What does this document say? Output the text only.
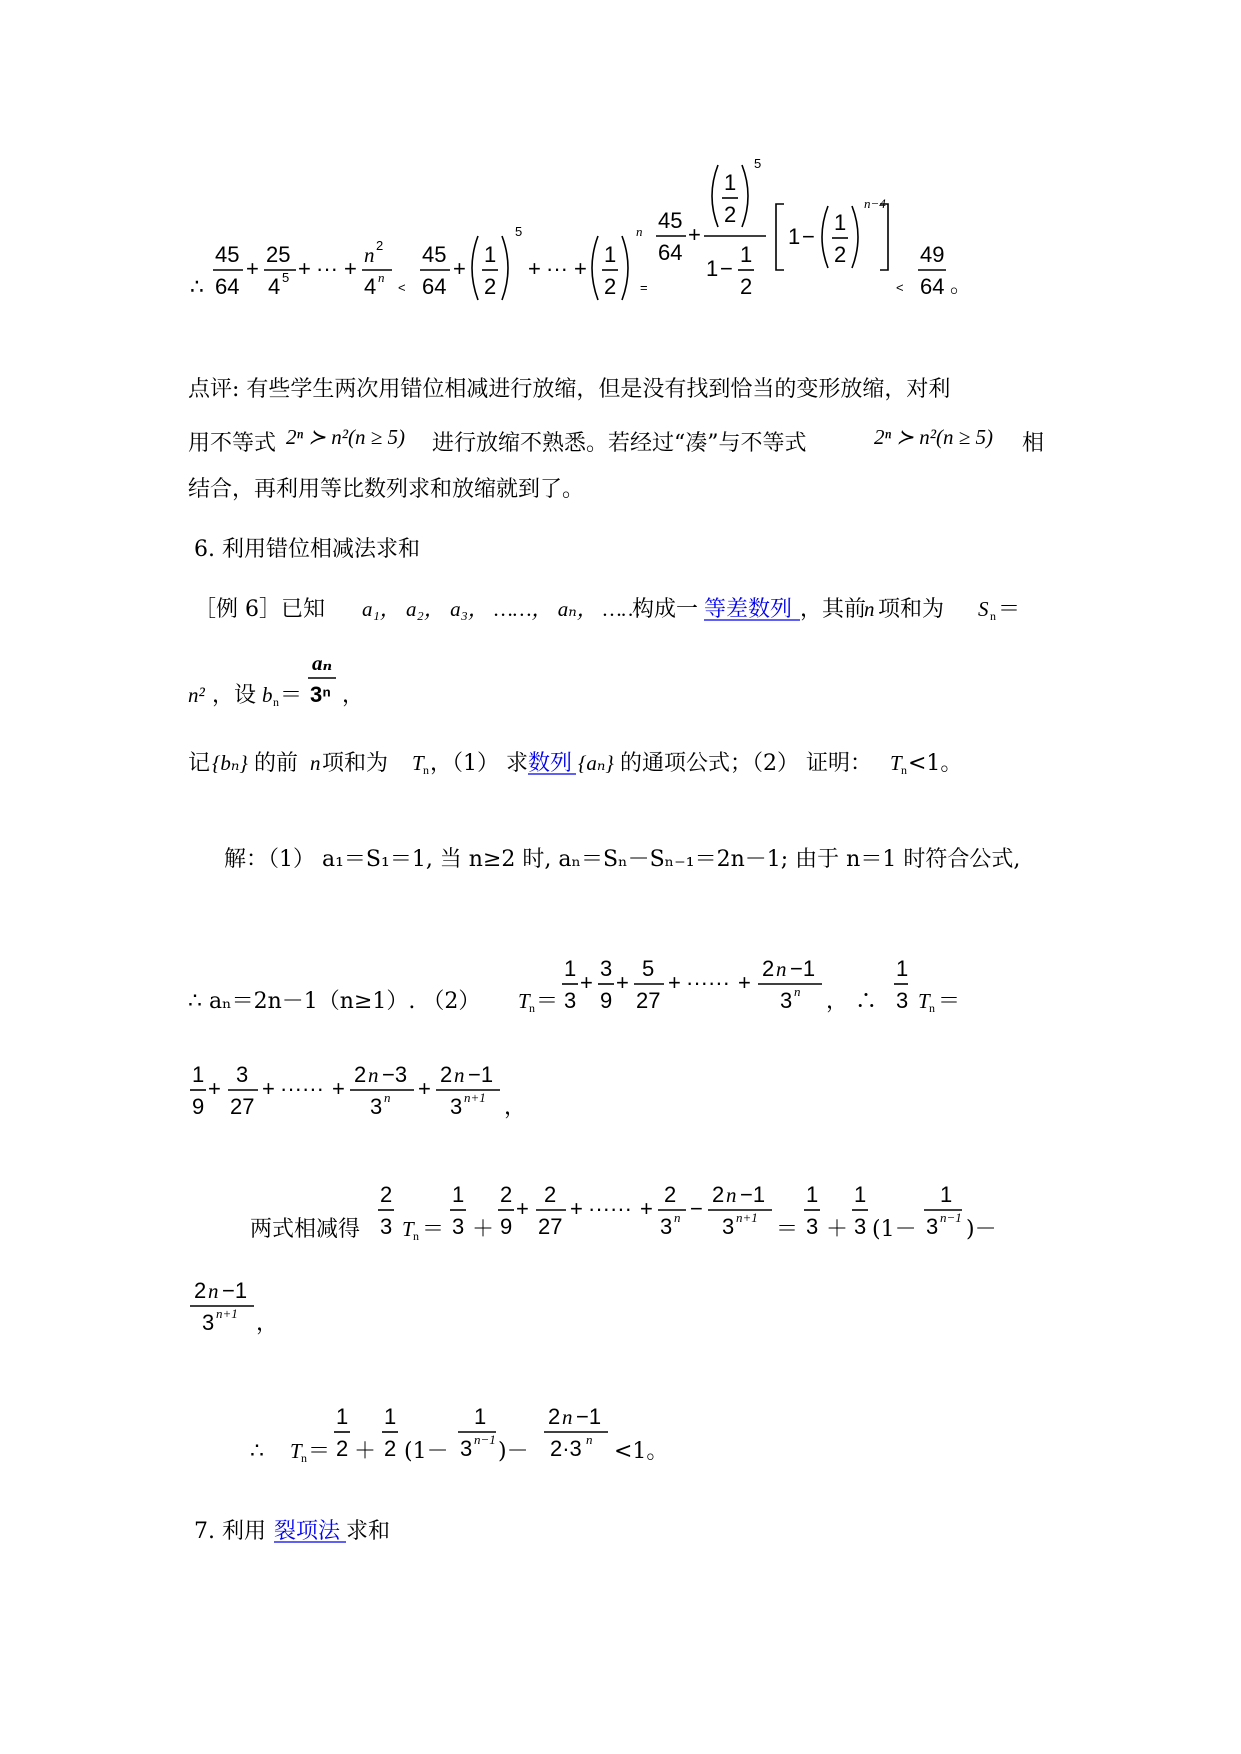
∴
45
64
+
25
4 5 + ··· +
n 2
4 n
<
45
64
+
1
2
5
+ ··· +
1
2
n
=
45
64
+
1
2
5
1 −
1
2
1 −
1
2
n−4
<
49
64 。
点评: 有些学生两次用错位相减进行放缩，但是没有找到恰当的变形放缩，对利
用不等式 2ⁿ ≻ n²(n ≥ 5) 进行放缩不熟悉。若经过“凑”与不等式	2ⁿ ≻ n²(n ≥ 5) 相
结合，再利用等比数列求和放缩就到了。
6. 利用错位相减法求和
［例 6］已知 a₁， a₂， a₃， ……， aₙ， ……
构成一 等差数列 ，其前
n 项和为 S n ＝
n² ，设 b n ＝
aₙ
3ⁿ ，
记 {bₙ} 的前 n 项和为 T n ，（1） 求 数列 {aₙ} 的通项公式；（2） 证明： T n <1。
解：（1） a₁＝S₁＝1, 当 n≥2 时, aₙ＝Sₙ－Sₙ₋₁＝2n－1; 由于 n＝1 时符合公式,
∴ aₙ＝2n－1（n≥1）. （2） T n ＝
1
3
+
3
9
+
5
27
+ ······ +
2 n −1
3 n ， ∴
1
3 T n ＝
1
9
+
3
27
+ ······ +
2 n −3
3 n +
2 n −1
3 n+1 ，
两式相减得
2
3 T n ＝
1
3 ＋
2
9
+
2
27
+ ······ +
2
3 n −
2 n −1
3 n+1 ＝
1
3 ＋
1
3 (1－
1
3 n−1 )－
2 n −1
3 n+1 ，
∴ T n ＝
1
2 ＋
1
2 (1－
1
3 n−1 )－
2 n −1
2·3 n <1。
7. 利用 裂项法 求和
